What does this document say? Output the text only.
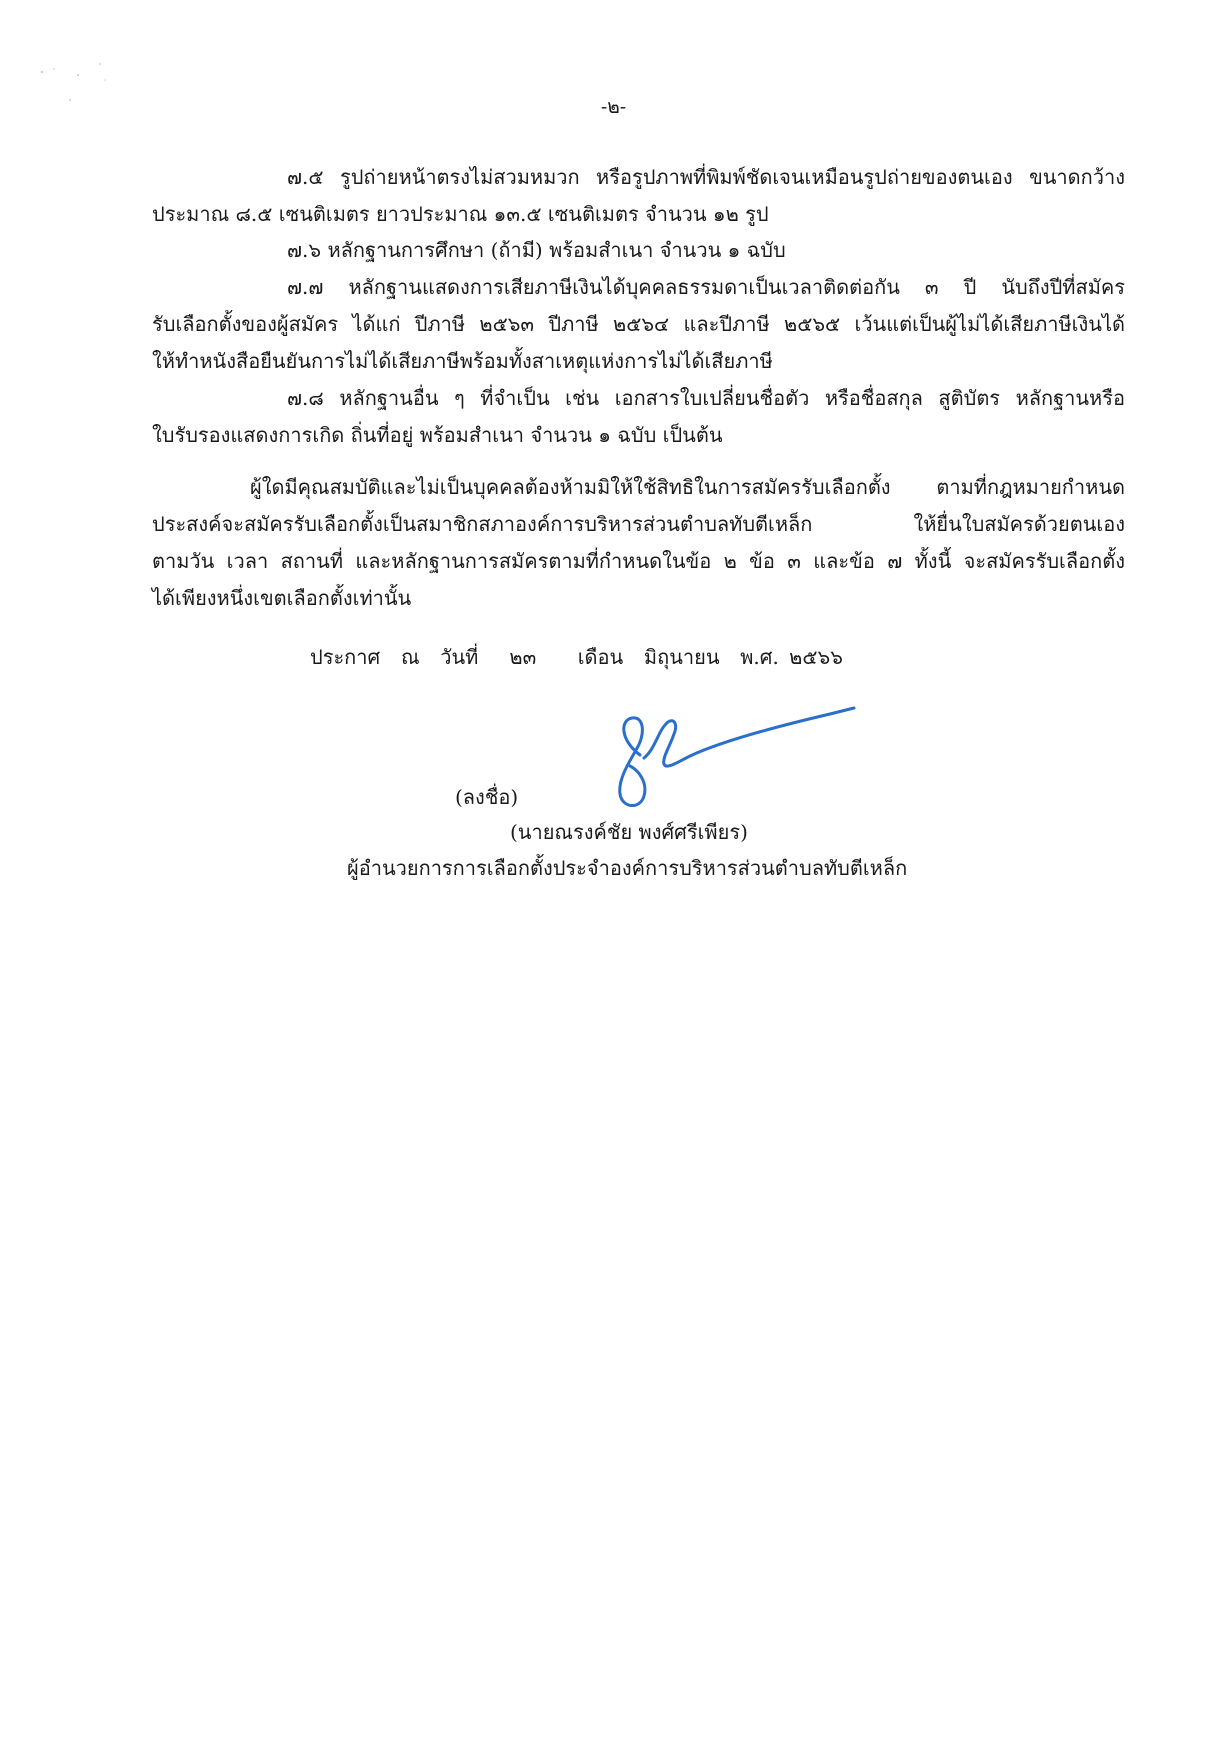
-๒-
๗.๕ รูปถ่ายหน้าตรงไม่สวมหมวก หรือรูปภาพที่พิมพ์ชัดเจนเหมือนรูปถ่ายของตนเอง ขนาดกว้าง
ประมาณ ๘.๕ เซนติเมตร ยาวประมาณ ๑๓.๕ เซนติเมตร จำนวน ๑๒ รูป
๗.๖ หลักฐานการศึกษา (ถ้ามี) พร้อมสำเนา จำนวน ๑ ฉบับ
๗.๗ หลักฐานแสดงการเสียภาษีเงินได้บุคคลธรรมดาเป็นเวลาติดต่อกัน ๓ ปี นับถึงปีที่สมัคร
รับเลือกตั้งของผู้สมัคร ได้แก่ ปีภาษี ๒๕๖๓ ปีภาษี ๒๕๖๔ และปีภาษี ๒๕๖๕ เว้นแต่เป็นผู้ไม่ได้เสียภาษีเงินได้
ให้ทำหนังสือยืนยันการไม่ได้เสียภาษีพร้อมทั้งสาเหตุแห่งการไม่ได้เสียภาษี
๗.๘ หลักฐานอื่น ๆ ที่จำเป็น เช่น เอกสารใบเปลี่ยนชื่อตัว หรือชื่อสกุล สูติบัตร หลักฐานหรือ
ใบรับรองแสดงการเกิด ถิ่นที่อยู่ พร้อมสำเนา จำนวน ๑ ฉบับ เป็นต้น
ผู้ใดมีคุณสมบัติและไม่เป็นบุคคลต้องห้ามมิให้ใช้สิทธิในการสมัครรับเลือกตั้ง ตามที่กฎหมายกำหนด
ประสงค์จะสมัครรับเลือกตั้งเป็นสมาชิกสภาองค์การบริหารส่วนตำบลทับตีเหล็ก ให้ยื่นใบสมัครด้วยตนเอง
ตามวัน เวลา สถานที่ และหลักฐานการสมัครตามที่กำหนดในข้อ ๒ ข้อ ๓ และข้อ ๗ ทั้งนี้ จะสมัครรับเลือกตั้ง
ได้เพียงหนึ่งเขตเลือกตั้งเท่านั้น
ประกาศ ณ วันที่ ๒๓ เดือน มิถุนายน พ.ศ. ๒๕๖๖
(ลงชื่อ)
(นายณรงค์ชัย พงศ์ศรีเพียร)
ผู้อำนวยการการเลือกตั้งประจำองค์การบริหารส่วนตำบลทับตีเหล็ก
